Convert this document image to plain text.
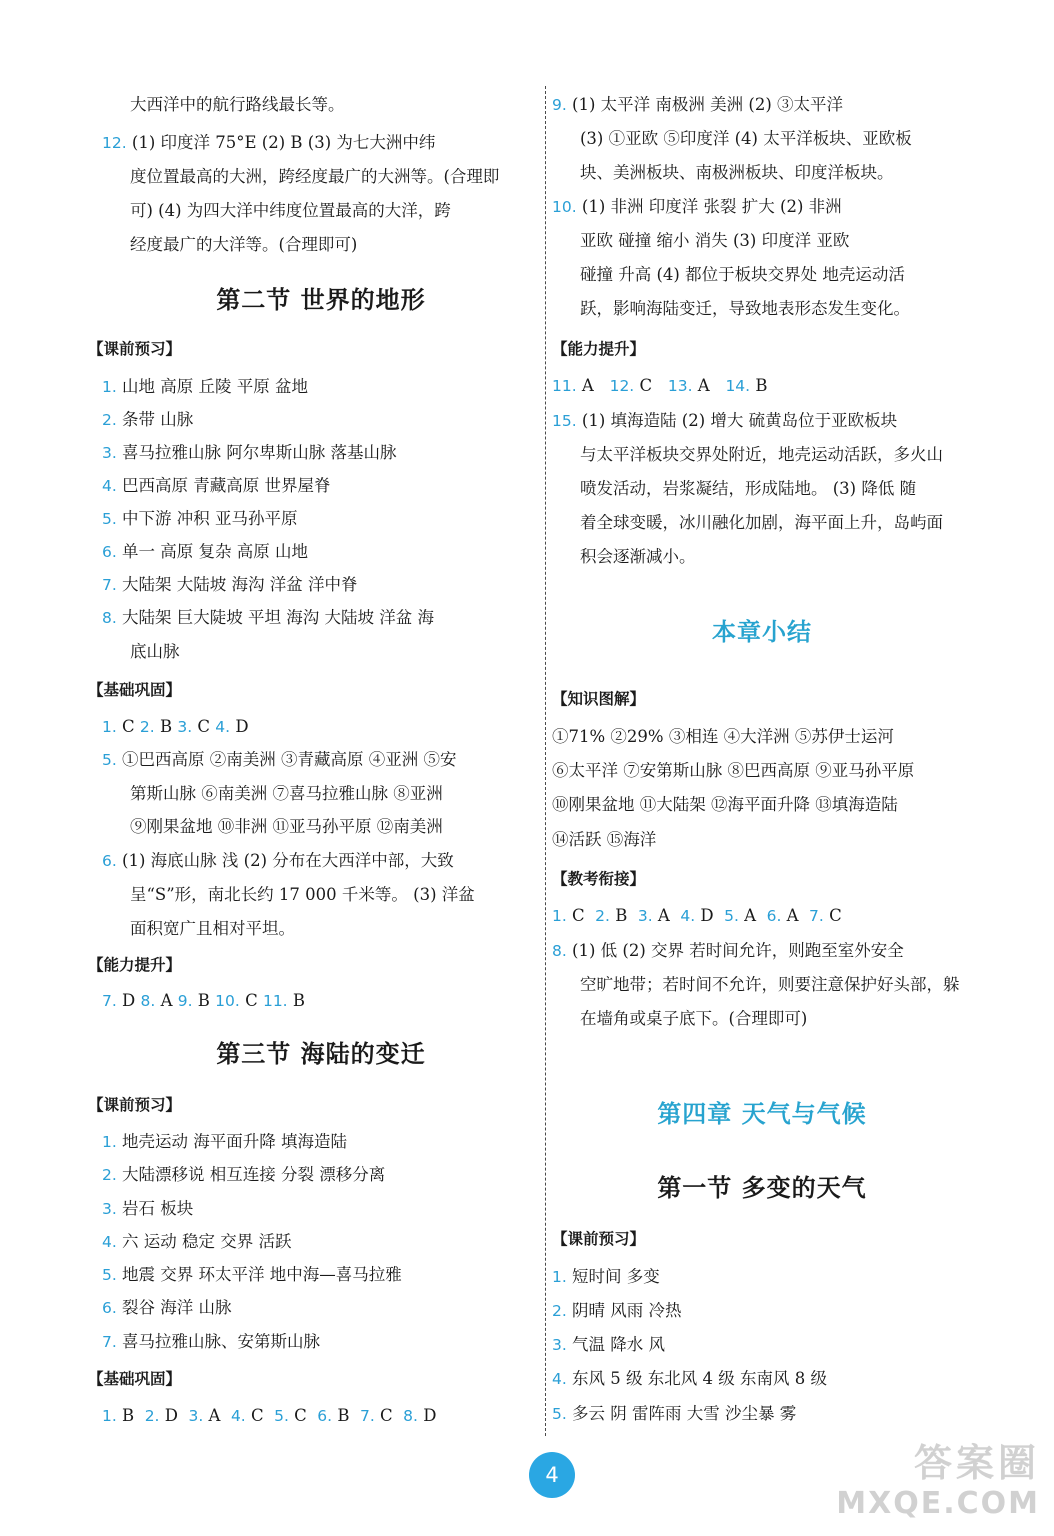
大西洋中的航行路线最长等。
12. (1) 印度洋 75°E (2) B (3) 为七大洲中纬
度位置最高的大洲，跨经度最广的大洲等。(合理即
可) (4) 为四大洋中纬度位置最高的大洋，跨
经度最广的大洋等。(合理即可)
第二节 世界的地形
【课前预习】
1. 山地 高原 丘陵 平原 盆地
2. 条带 山脉
3. 喜马拉雅山脉 阿尔卑斯山脉 落基山脉
4. 巴西高原 青藏高原 世界屋脊
5. 中下游 冲积 亚马孙平原
6. 单一 高原 复杂 高原 山地
7. 大陆架 大陆坡 海沟 洋盆 洋中脊
8. 大陆架 巨大陡坡 平坦 海沟 大陆坡 洋盆 海
底山脉
【基础巩固】
1. C 2. B 3. C 4. D
5. ①巴西高原 ②南美洲 ③青藏高原 ④亚洲 ⑤安
第斯山脉 ⑥南美洲 ⑦喜马拉雅山脉 ⑧亚洲
⑨刚果盆地 ⑩非洲 ⑪亚马孙平原 ⑫南美洲
6. (1) 海底山脉 浅 (2) 分布在大西洋中部，大致
呈“S”形，南北长约 17 000 千米等。 (3) 洋盆
面积宽广且相对平坦。
【能力提升】
7. D 8. A 9. B 10. C 11. B
第三节 海陆的变迁
【课前预习】
1. 地壳运动 海平面升降 填海造陆
2. 大陆漂移说 相互连接 分裂 漂移分离
3. 岩石 板块
4. 六 运动 稳定 交界 活跃
5. 地震 交界 环太平洋 地中海—喜马拉雅
6. 裂谷 海洋 山脉
7. 喜马拉雅山脉、安第斯山脉
【基础巩固】
1. B 2. D 3. A 4. C 5. C 6. B 7. C 8. D
9. (1) 太平洋 南极洲 美洲 (2) ③太平洋
(3) ①亚欧 ⑤印度洋 (4) 太平洋板块、亚欧板
块、美洲板块、南极洲板块、印度洋板块。
10. (1) 非洲 印度洋 张裂 扩大 (2) 非洲
亚欧 碰撞 缩小 消失 (3) 印度洋 亚欧
碰撞 升高 (4) 都位于板块交界处 地壳运动活
跃，影响海陆变迁，导致地表形态发生变化。
【能力提升】
11. A 12. C 13. A 14. B
15. (1) 填海造陆 (2) 增大 硫黄岛位于亚欧板块
与太平洋板块交界处附近，地壳运动活跃，多火山
喷发活动，岩浆凝结，形成陆地。 (3) 降低 随
着全球变暖，冰川融化加剧，海平面上升，岛屿面
积会逐渐减小。
本章小结
【知识图解】
①71% ②29% ③相连 ④大洋洲 ⑤苏伊士运河
⑥太平洋 ⑦安第斯山脉 ⑧巴西高原 ⑨亚马孙平原
⑩刚果盆地 ⑪大陆架 ⑫海平面升降 ⑬填海造陆
⑭活跃 ⑮海洋
【教考衔接】
1. C 2. B 3. A 4. D 5. A 6. A 7. C
8. (1) 低 (2) 交界 若时间允许，则跑至室外安全
空旷地带；若时间不允许，则要注意保护好头部，躲
在墙角或桌子底下。(合理即可)
第四章 天气与气候
第一节 多变的天气
【课前预习】
1. 短时间 多变
2. 阴晴 风雨 冷热
3. 气温 降水 风
4. 东风 5 级 东北风 4 级 东南风 8 级
5. 多云 阴 雷阵雨 大雪 沙尘暴 雾
4	答案圈
MXQE.COM
